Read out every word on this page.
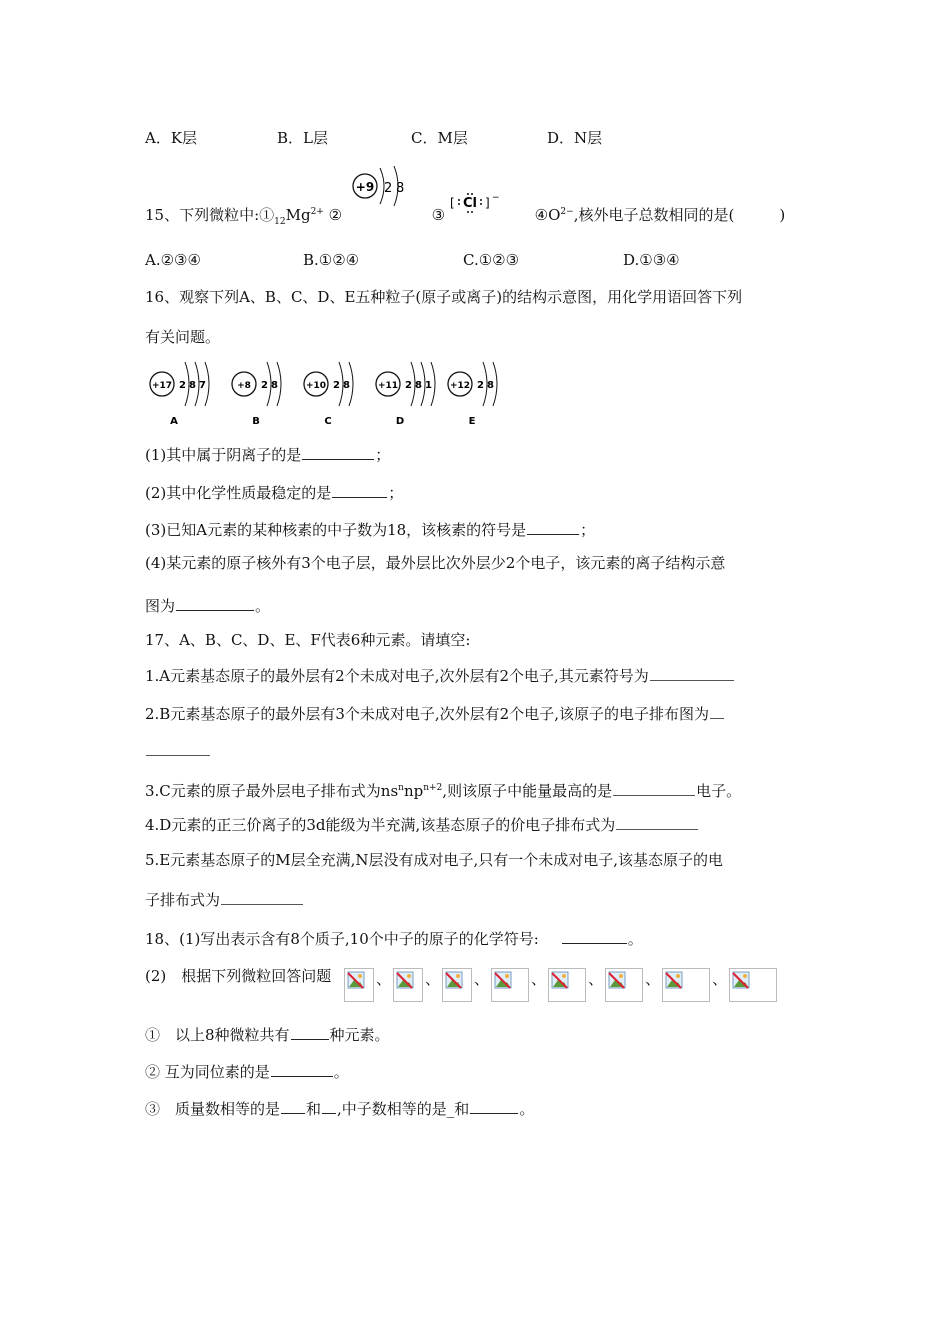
A．K层	B．L层	C．M层	D．N层
15、下列微粒中$:①_{12}Mg^{2+}$ ②	③	$④O^{2-}$,核外电子总数相同的是(　　　)
+9 2 8
[ Cl ] −
A.②③④	B.①②④	C.①②③	D.①③④
16、观察下列A、B、C、D、E五种粒子(原子或离子)的结构示意图，用化学用语回答下列
有关问题。
+17 2 8 7
A
+8 2 8
B
+10 2 8
C
+11 2 8 1
D
+12 2 8
E
(1)其中属于阴离子的是	；
(2)其中化学性质最稳定的是	；
(3)已知A元素的某种核素的中子数为18，该核素的符号是	；
(4)某元素的原子核外有3个电子层，最外层比次外层少2个电子，该元素的离子结构示意
图为	。
17、A、B、C、D、E、F代表6种元素。请填空:
1.A元素基态原子的最外层有2个未成对电子,次外层有2个电子,其元素符号为
2.B元素基态原子的最外层有3个未成对电子,次外层有2个电子,该原子的电子排布图为
3.C元素的原子最外层电子排布式为$ns^nnp^{n+2}$,则该原子中能量最高的是	电子。
4.D元素的正三价离子的3d能级为半充满,该基态原子的价电子排布式为
5.E元素基态原子的M层全充满,N层没有成对电子,只有一个未成对电子,该基态原子的电
子排布式为
18、(1)写出表示含有8个质子,10个中子的原子的化学符号:	。
(2)　根据下列微粒回答问题	、 、 、	、	、	、	、
①　以上8种微粒共有	种元素。
② 互为同位素的是	。
③　质量数相等的是 和 ,中子数相等的是_和	。
